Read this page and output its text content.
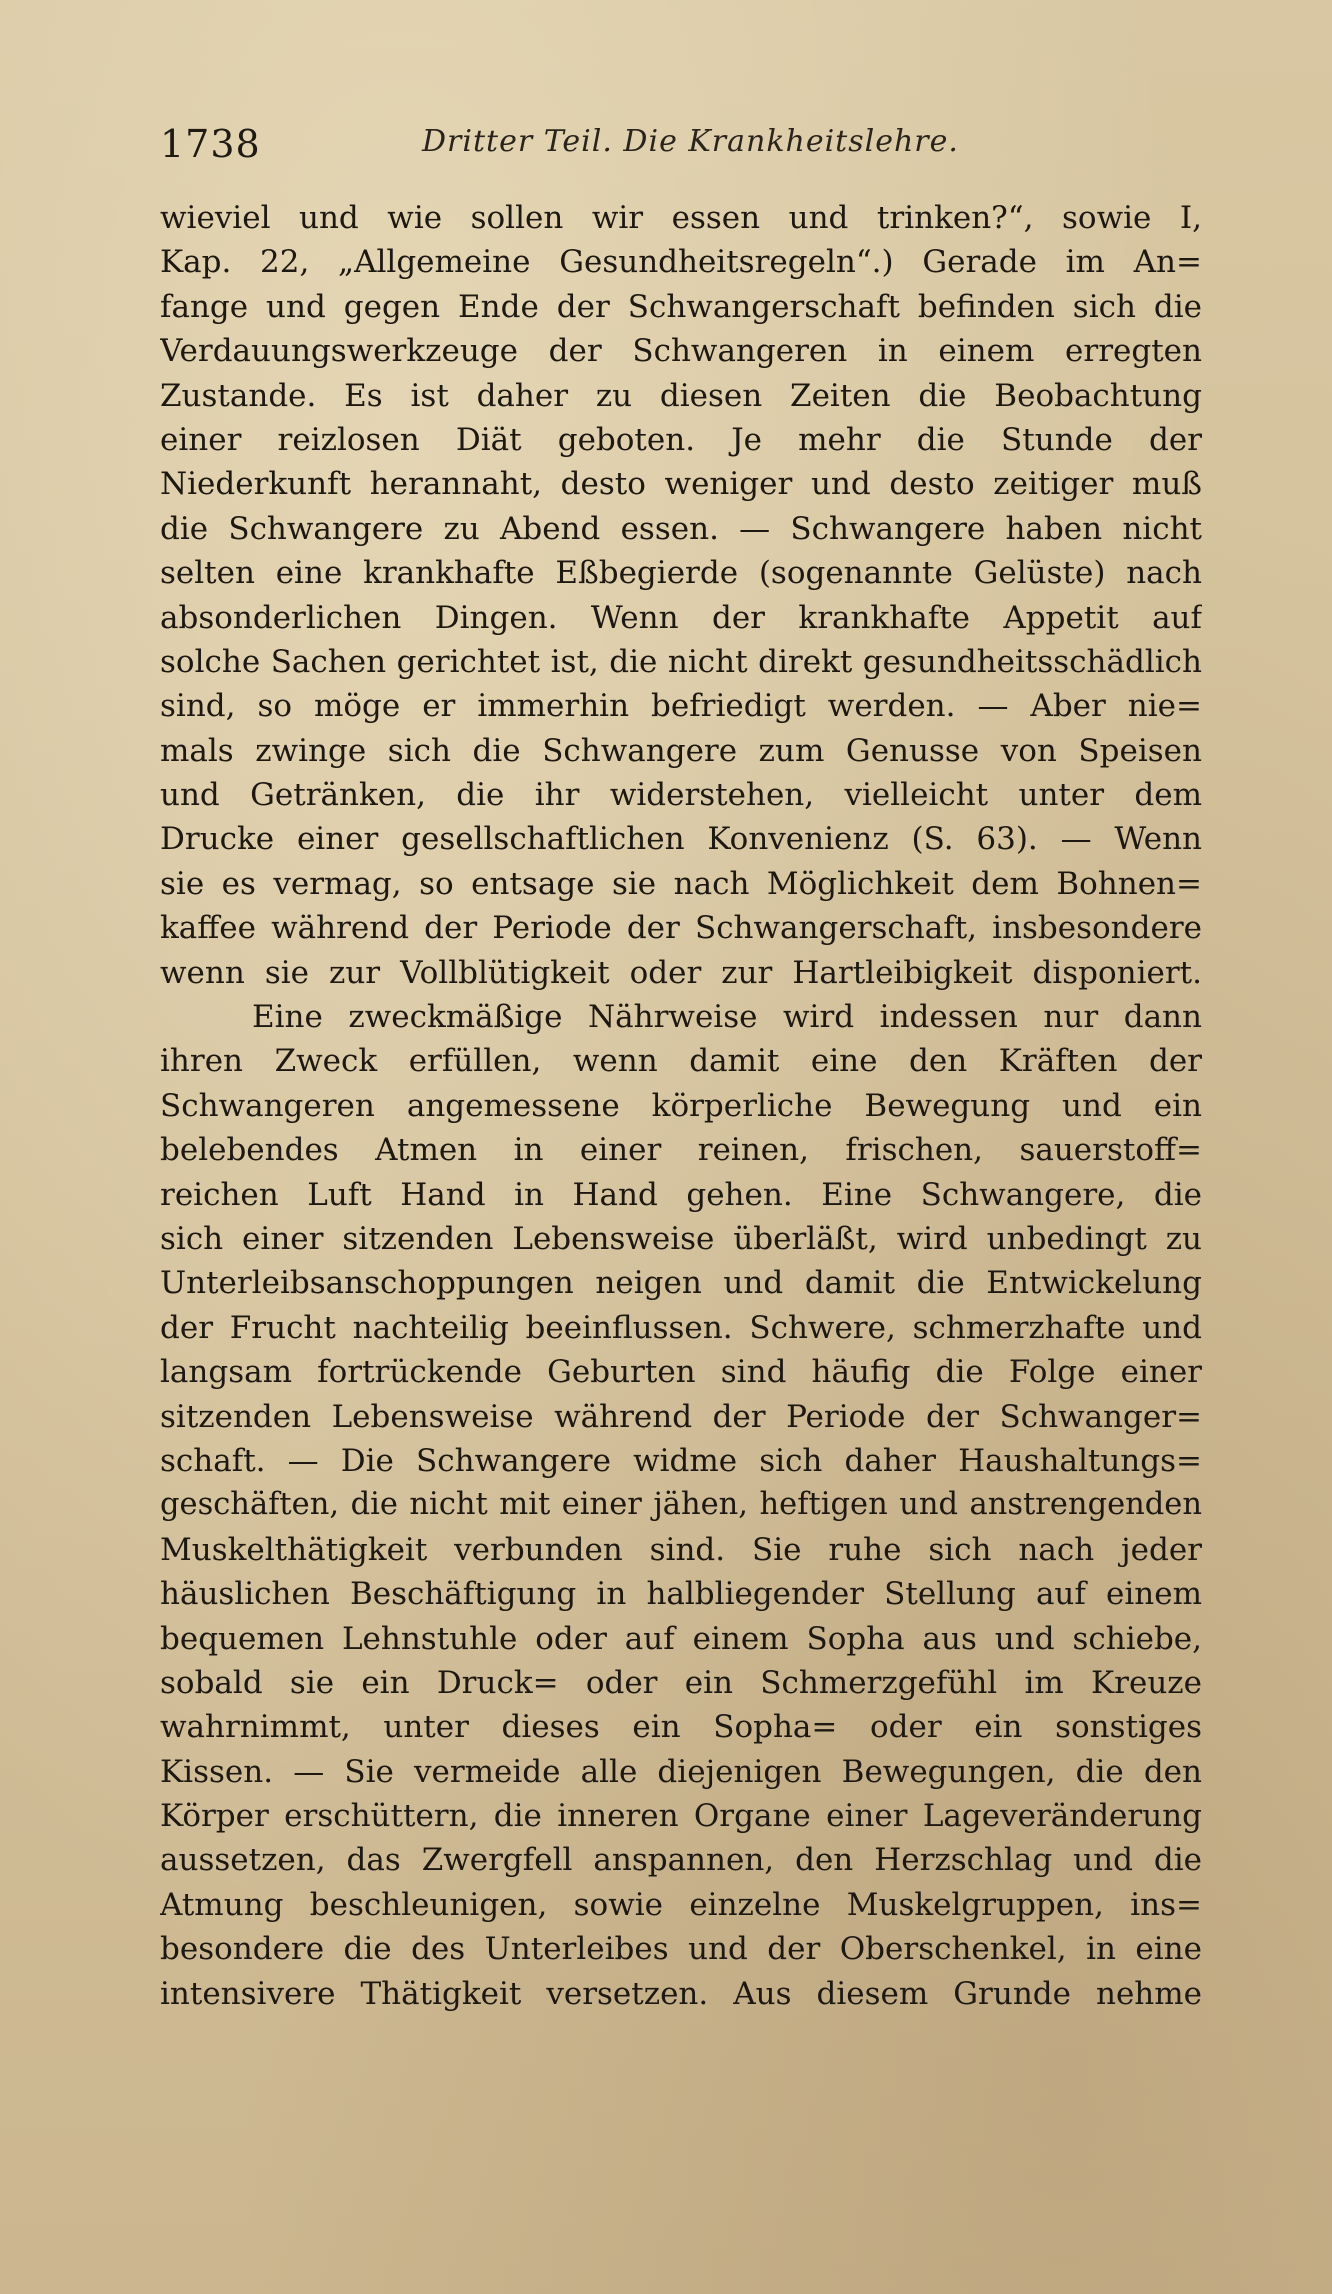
1738	Dritter Teil. Die Krankheitslehre.
wieviel und wie sollen wir essen und trinken?“, sowie I,
Kap. 22, „Allgemeine Gesundheitsregeln“.) Gerade im An=
fange und gegen Ende der Schwangerschaft befinden sich die
Verdauungswerkzeuge der Schwangeren in einem erregten
Zustande. Es ist daher zu diesen Zeiten die Beobachtung
einer reizlosen Diät geboten. Je mehr die Stunde der
Niederkunft herannaht, desto weniger und desto zeitiger muß
die Schwangere zu Abend essen. — Schwangere haben nicht
selten eine krankhafte Eßbegierde (sogenannte Gelüste) nach
absonderlichen Dingen. Wenn der krankhafte Appetit auf
solche Sachen gerichtet ist, die nicht direkt gesundheitsschädlich
sind, so möge er immerhin befriedigt werden. — Aber nie=
mals zwinge sich die Schwangere zum Genusse von Speisen
und Getränken, die ihr widerstehen, vielleicht unter dem
Drucke einer gesellschaftlichen Konvenienz (S. 63). — Wenn
sie es vermag, so entsage sie nach Möglichkeit dem Bohnen=
kaffee während der Periode der Schwangerschaft, insbesondere
wenn sie zur Vollblütigkeit oder zur Hartleibigkeit disponiert.
Eine zweckmäßige Nährweise wird indessen nur dann
ihren Zweck erfüllen, wenn damit eine den Kräften der
Schwangeren angemessene körperliche Bewegung und ein
belebendes Atmen in einer reinen, frischen, sauerstoff=
reichen Luft Hand in Hand gehen. Eine Schwangere, die
sich einer sitzenden Lebensweise überläßt, wird unbedingt zu
Unterleibsanschoppungen neigen und damit die Entwickelung
der Frucht nachteilig beeinflussen. Schwere, schmerzhafte und
langsam fortrückende Geburten sind häufig die Folge einer
sitzenden Lebensweise während der Periode der Schwanger=
schaft. — Die Schwangere widme sich daher Haushaltungs=
geschäften, die nicht mit einer jähen, heftigen und anstrengenden
Muskelthätigkeit verbunden sind. Sie ruhe sich nach jeder
häuslichen Beschäftigung in halbliegender Stellung auf einem
bequemen Lehnstuhle oder auf einem Sopha aus und schiebe,
sobald sie ein Druck= oder ein Schmerzgefühl im Kreuze
wahrnimmt, unter dieses ein Sopha= oder ein sonstiges
Kissen. — Sie vermeide alle diejenigen Bewegungen, die den
Körper erschüttern, die inneren Organe einer Lageveränderung
aussetzen, das Zwergfell anspannen, den Herzschlag und die
Atmung beschleunigen, sowie einzelne Muskelgruppen, ins=
besondere die des Unterleibes und der Oberschenkel, in eine
intensivere Thätigkeit versetzen. Aus diesem Grunde nehme
